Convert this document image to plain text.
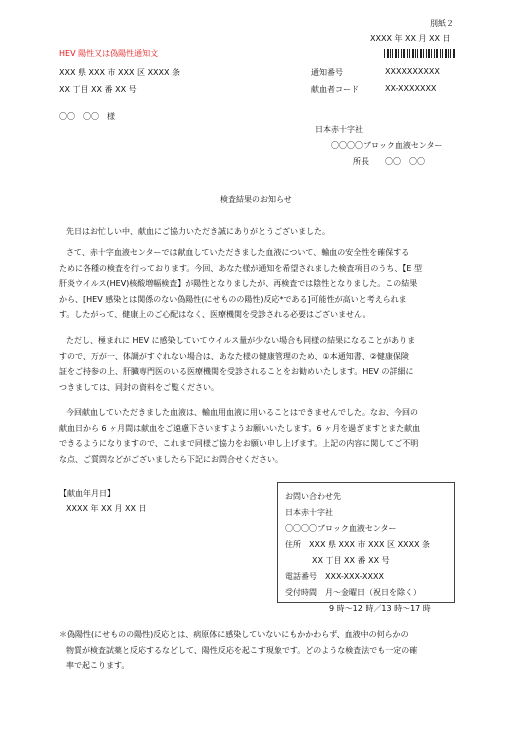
別紙２
XXXX 年 XX 月 XX 日
HEV 陽性又は偽陽性通知文
XXX 県 XXX 市 XXX 区 XXXX 条
XX 丁目 XX 番 XX 号
通知番号	XXXXXXXXXX
献血者コード	XX-XXXXXXX
〇〇　〇〇　様
日本赤十字社
〇〇〇〇ブロック血液センター
所長　　〇〇　〇〇
検査結果のお知らせ
先日はお忙しい中、献血にご協力いただき誠にありがとうございました。
さて、赤十字血液センターでは献血していただきました血液について、輸血の安全性を確保する
ために各種の検査を行っております。今回、あなた様が通知を希望されました検査項目のうち、【E 型
肝炎ウイルス(HEV)核酸増幅検査】が陽性となりましたが、再検査では陰性となりました。この結果
から、[HEV 感染とは関係のない偽陽性(にせものの陽性)反応*である]可能性が高いと考えられま
す。したがって、健康上のご心配はなく、医療機関を受診される必要はございません。
ただし、極まれに HEV に感染していてウイルス量が少ない場合も同様の結果になることがありま
すので、万が一、体調がすぐれない場合は、あなた様の健康管理のため、①本通知書、②健康保険
証をご持参の上、肝臓専門医のいる医療機関を受診されることをお勧めいたします。HEV の詳細に
つきましては、同封の資料をご覧ください。
今回献血していただきました血液は、輸血用血液に用いることはできませんでした。なお、今回の
献血日から 6 ヶ月間は献血をご遠慮下さいますようお願いいたします。6 ヶ月を過ぎますとまた献血
できるようになりますので、これまで同様ご協力をお願い申し上げます。上記の内容に関してご不明
な点、ご質問などがございましたら下記にお問合せください。
【献血年月日】
XXXX 年 XX 月 XX 日
お問い合わせ先
日本赤十字社
〇〇〇〇ブロック血液センター
住所　XXX 県 XXX 市 XXX 区 XXXX 条
XX 丁目 XX 番 XX 号
電話番号　XXX-XXX-XXXX
受付時間　月～金曜日（祝日を除く）
9 時～12 時／13 時～17 時
＊偽陽性(にせものの陽性)反応とは、病原体に感染していないにもかかわらず、血液中の何らかの
物質が検査試薬と反応するなどして、陽性反応を起こす現象です。どのような検査法でも一定の確
率で起こります。
